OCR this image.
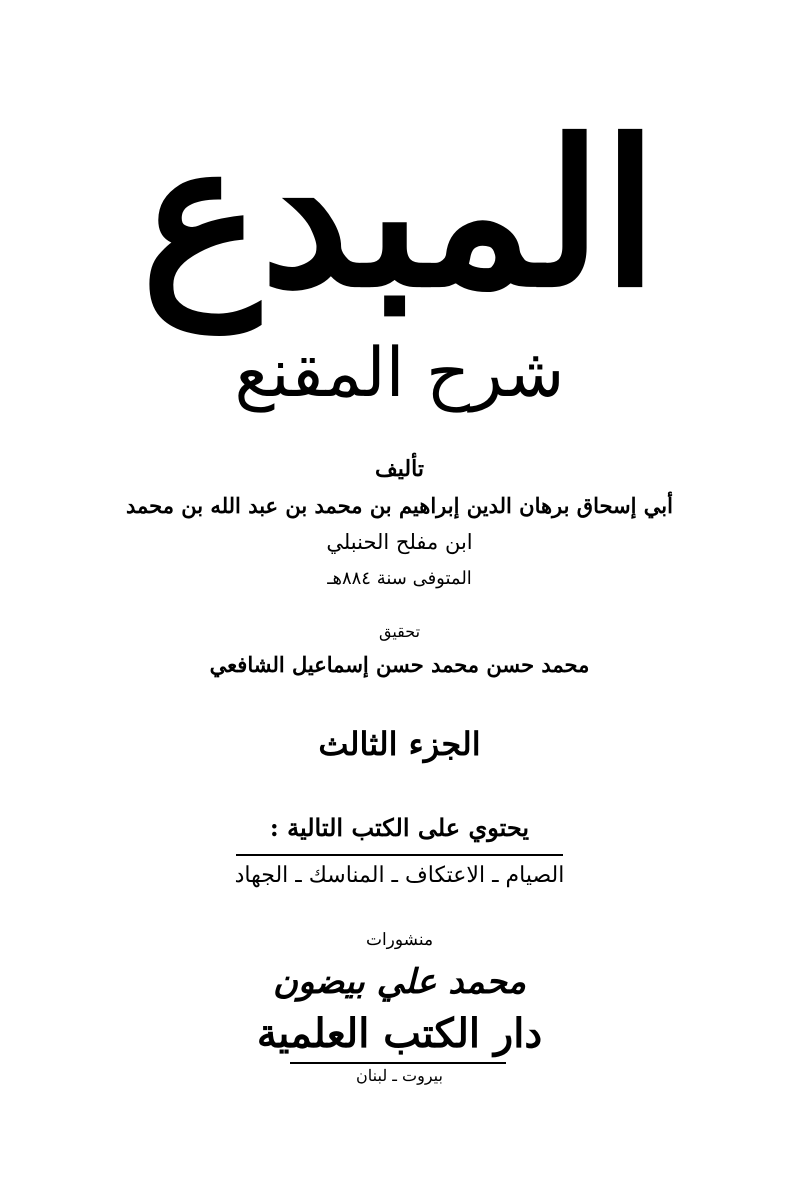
المبدع
شرح المقنع
تأليف
أبي إسحاق برهان الدين إبراهيم بن محمد بن عبد الله بن محمد
ابن مفلح الحنبلي
المتوفى سنة ٨٨٤هـ
تحقيق
محمد حسن محمد حسن إسماعيل الشافعي
الجزء الثالث
يحتوي على الكتب التالية :
الصيام ـ الاعتكاف ـ المناسك ـ الجهاد
منشورات
محمد علي بيضون
دار الكتب العلمية
بيروت ـ لبنان
